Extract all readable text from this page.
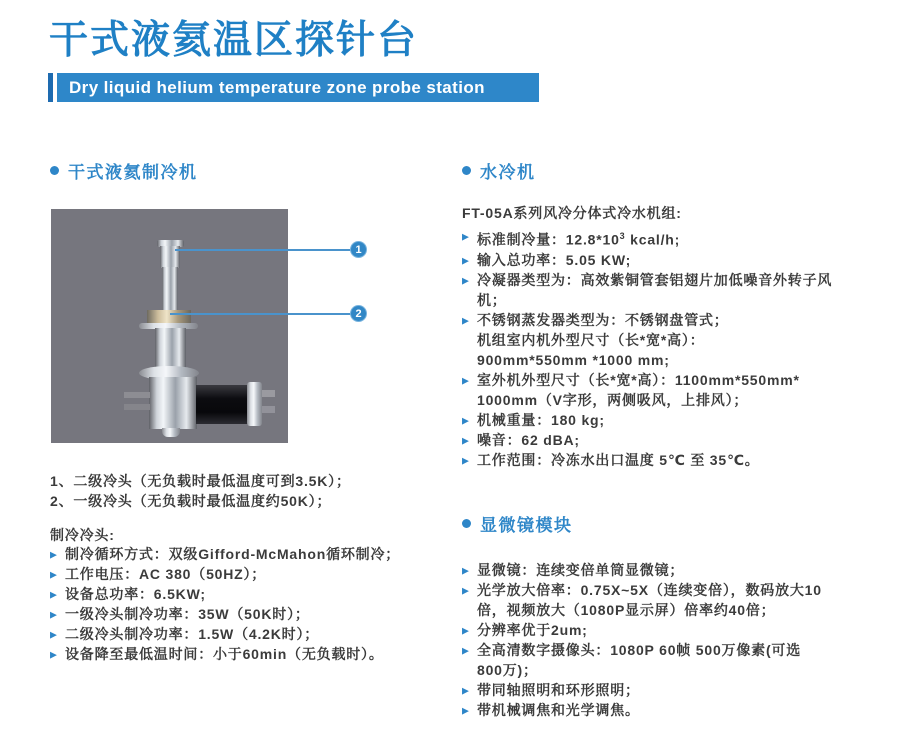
干式液氦温区探针台
Dry liquid helium temperature zone probe station
干式液氦制冷机
1
2
1、二级冷头（无负载时最低温度可到3.5K）；
2、一级冷头（无负载时最低温度约50K）；
制冷冷头:
▶ 制冷循环方式：双级Gifford-McMahon循环制冷；
▶ 工作电压：AC 380（50HZ）；
▶ 设备总功率：6.5KW;
▶ 一级冷头制冷功率：35W（50K时）；
▶ 二级冷头制冷功率：1.5W（4.2K时）；
▶ 设备降至最低温时间：小于60min（无负载时）。
水冷机
FT-05A系列风冷分体式冷水机组:
▶ 标准制冷量：$12.8*10^3$ kcal/h;
▶ 输入总功率：5.05 KW;
▶ 冷凝器类型为：高效紫铜管套铝翅片加低噪音外转子风
机；
▶ 不锈钢蒸发器类型为：不锈钢盘管式；
机组室内机外型尺寸（长*宽*高）：
900mm*550mm *1000 mm;
▶ 室外机外型尺寸（长*宽*高）：1100mm*550mm*
1000mm（V字形，两侧吸风，上排风）；
▶ 机械重量：180 kg;
▶ 噪音：62 dBA;
▶ 工作范围：冷冻水出口温度 5℃ 至 35℃。
显微镜模块
▶ 显微镜：连续变倍单筒显微镜；
▶ 光学放大倍率：0.75X~5X（连续变倍），数码放大10
倍，视频放大（1080P显示屏）倍率约40倍；
▶ 分辨率优于2um;
▶ 全高清数字摄像头：1080P 60帧 500万像素(可选
800万)；
▶ 带同轴照明和环形照明；
▶ 带机械调焦和光学调焦。
